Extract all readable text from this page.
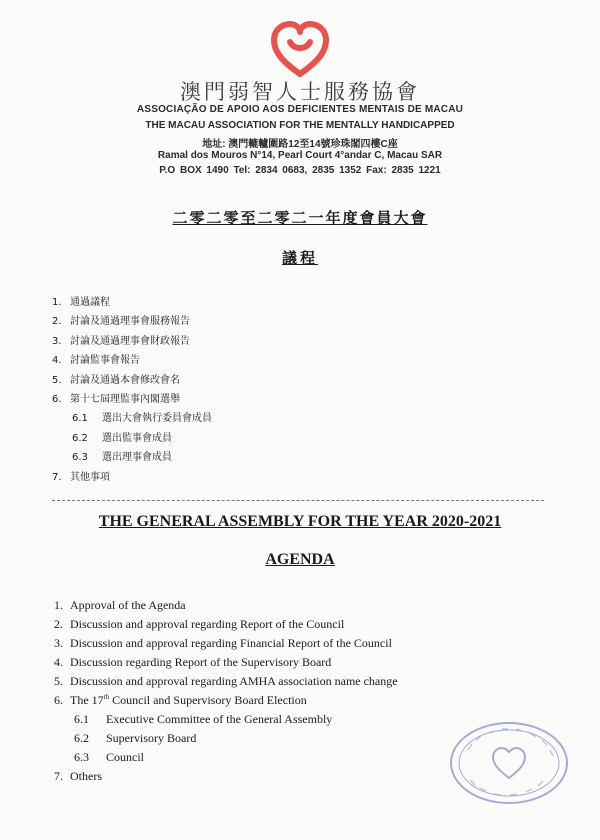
澳門弱智人士服務協會
ASSOCIAÇÃO DE APOIO AOS DEFICIENTES MENTAIS DE MACAU
THE MACAU ASSOCIATION FOR THE MENTALLY HANDICAPPED
地址: 澳門轆轤圍路12至14號珍珠閣四樓C座
Ramal dos Mouros N°14, Pearl Court 4°andar C, Macau SAR
P.O BOX 1490 Tel: 2834 0683, 2835 1352 Fax: 2835 1221
二零二零至二零二一年度會員大會
議程
1. 通過議程
2. 討論及通過理事會服務報告
3. 討論及通過理事會財政報告
4. 討論監事會報告
5. 討論及通過本會修改會名
6. 第十七屆理監事內閣選舉
6.1 選出大會執行委員會成員
6.2 選出監事會成員
6.3 選出理事會成員
7. 其他事項
THE GENERAL ASSEMBLY FOR THE YEAR 2020-2021
AGENDA
1. Approval of the Agenda
2. Discussion and approval regarding Report of the Council
3. Discussion and approval regarding Financial Report of the Council
4. Discussion regarding Report of the Supervisory Board
5. Discussion and approval regarding AMHA association name change
6. The 17th Council and Supervisory Board Election
6.1 Executive Committee of the General Assembly
6.2 Supervisory Board
6.3 Council
7. Others
